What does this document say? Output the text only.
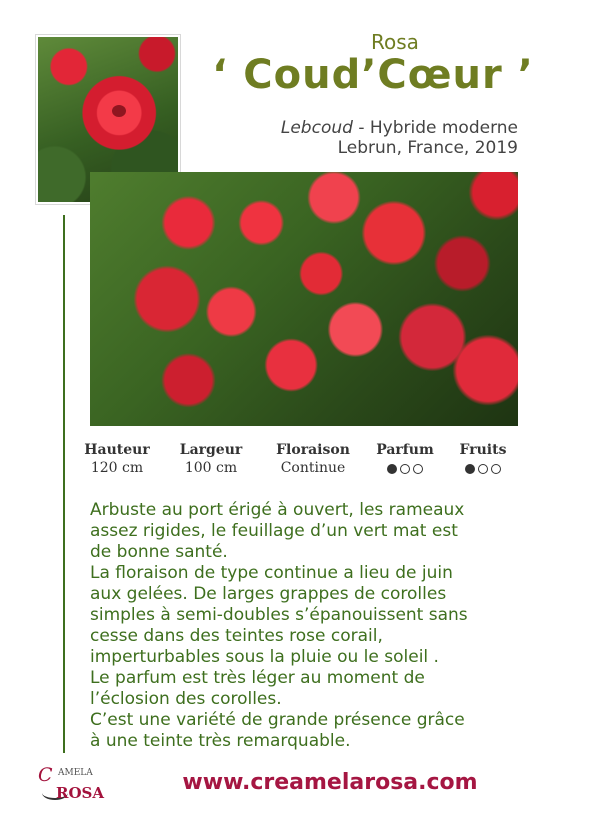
Rosa
‘ Coud’Cœur ’
Lebcoud - Hybride moderne
Lebrun, France, 2019
Hauteur
120 cm
Largeur
100 cm
Floraison
Continue
Parfum	Fruits

Arbuste au port érigé à ouvert, les rameaux
assez rigides, le feuillage d’un vert mat est
de bonne santé.

La floraison de type continue a lieu de juin
aux gelées. De larges grappes de corolles
simples à semi-doubles s’épanouissent sans
cesse dans des teintes rose corail,
imperturbables sous la pluie ou le soleil .

Le parfum est très léger au moment de
l’éclosion des corolles.

C’est une variété de grande présence grâce
à une teinte très remarquable.

C AMELA
ROSA	www.creamelarosa.com
